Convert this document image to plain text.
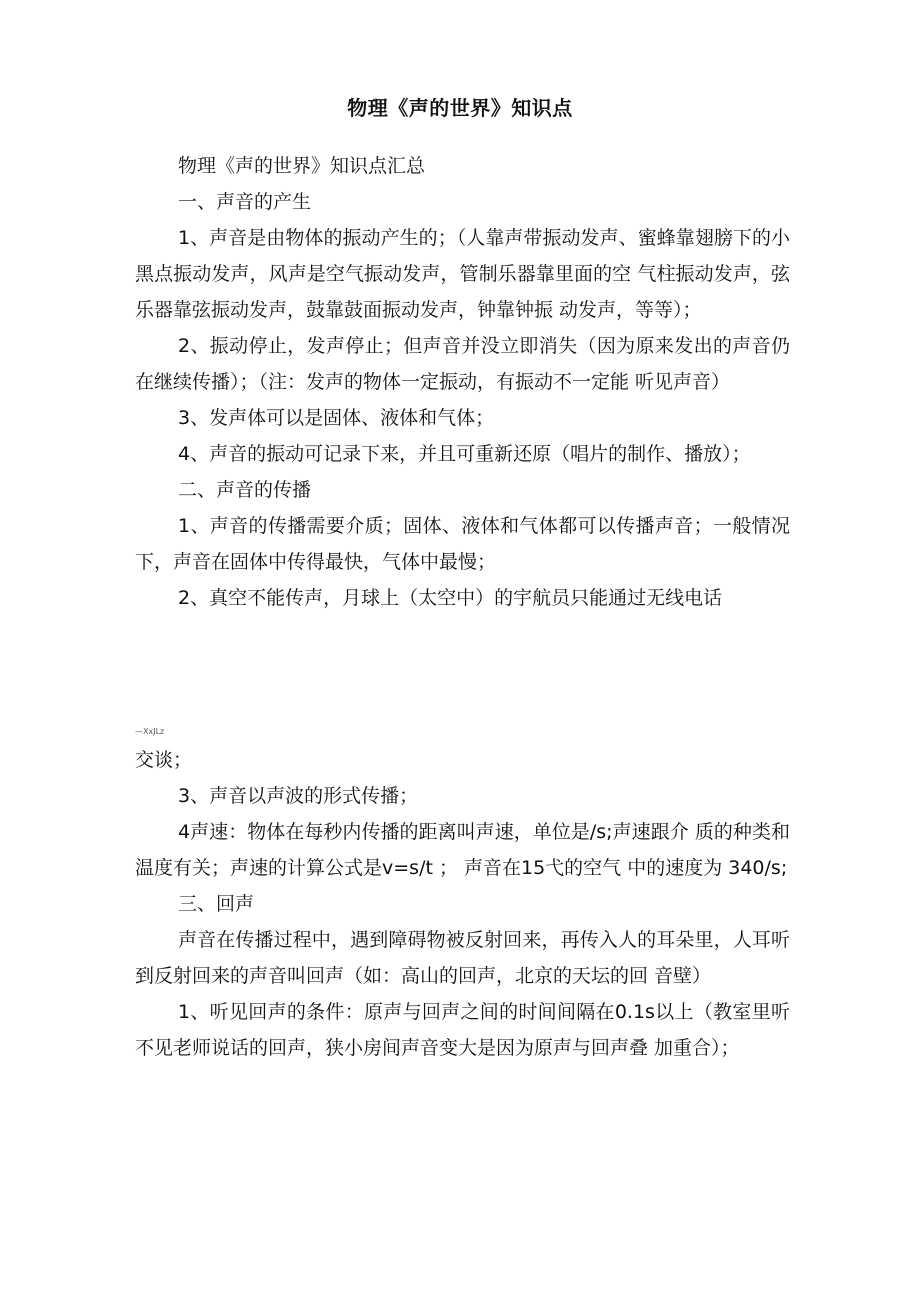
物理《声的世界》知识点

物理《声的世界》知识点汇总

一、声音的产生

1、声音是由物体的振动产生的；（人靠声带振动发声、蜜蜂靠翅膀下的小黑点振动发声，风声是空气振动发声，管制乐器靠里面的空 气柱振动发声，弦乐器靠弦振动发声，鼓靠鼓面振动发声，钟靠钟振 动发声，等等）；

2、振动停止，发声停止；但声音并没立即消失（因为原来发出的声音仍在继续传播）；（注：发声的物体一定振动，有振动不一定能 听见声音）

3、发声体可以是固体、液体和气体；

4、声音的振动可记录下来，并且可重新还原（唱片的制作、播放）；

二、声音的传播

1、声音的传播需要介质；固体、液体和气体都可以传播声音；一般情况下，声音在固体中传得最快，气体中最慢；

2、真空不能传声，月球上（太空中）的宇航员只能通过无线电话

—XxJLz

交谈；

3、声音以声波的形式传播；

4声速：物体在每秒内传播的距离叫声速，单位是/s;声速跟介 质的种类和温度有关；声速的计算公式是v=s/t ； 声音在15弋的空气 中的速度为 340/s;

三、回声

声音在传播过程中，遇到障碍物被反射回来，再传入人的耳朵里，人耳听到反射回来的声音叫回声（如：高山的回声，北京的天坛的回 音壁）

1、听见回声的条件：原声与回声之间的时间间隔在0.1s以上（教室里听不见老师说话的回声，狭小房间声音变大是因为原声与回声叠 加重合）；
